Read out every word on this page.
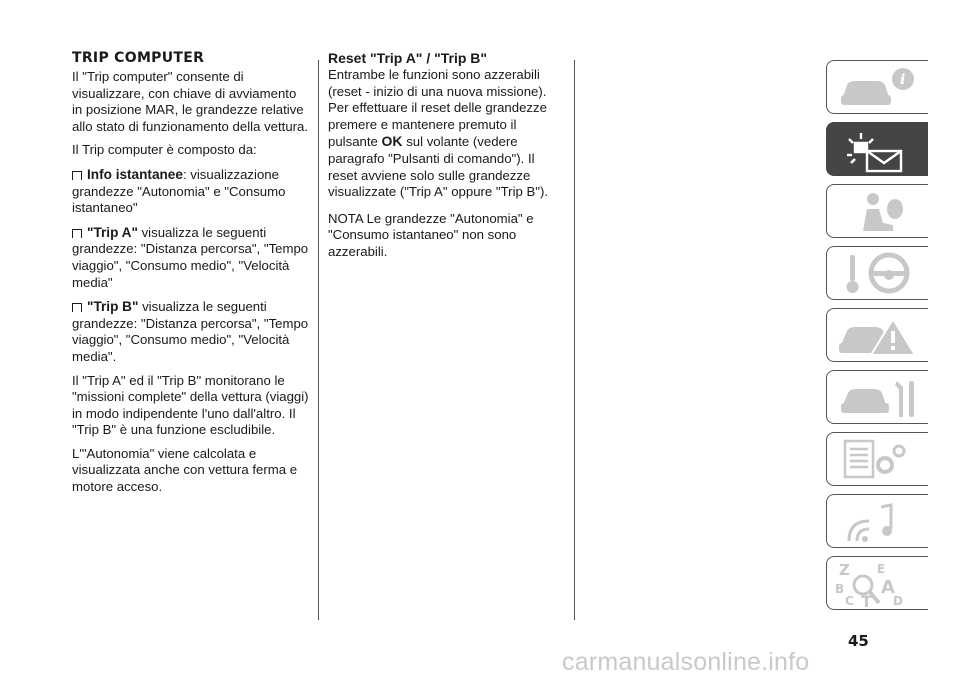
TRIP COMPUTER

Il "Trip computer" consente di visualizzare, con chiave di avviamento in posizione MAR, le grandezze relative allo stato di funzionamento della vettura.

Il Trip computer è composto da:

Info istantanee: visualizzazione grandezze "Autonomia" e "Consumo istantaneo"

"Trip A" visualizza le seguenti grandezze: "Distanza percorsa", "Tempo viaggio", "Consumo medio", "Velocità media"

"Trip B" visualizza le seguenti grandezze: "Distanza percorsa", "Tempo viaggio", "Consumo medio", "Velocità media".

Il "Trip A" ed il "Trip B" monitorano le "missioni complete" della vettura (viaggi) in modo indipendente l'uno dall'altro. Il "Trip B" è una funzione escludibile.

L'"Autonomia" viene calcolata e visualizzata anche con vettura ferma e motore acceso.

Reset "Trip A" / "Trip B"

Entrambe le funzioni sono azzerabili (reset - inizio di una nuova missione). Per effettuare il reset delle grandezze premere e mantenere premuto il pulsante OK sul volante (vedere paragrafo "Pulsanti di comando"). Il reset avviene solo sulle grandezze visualizzate ("Trip A" oppure "Trip B").

NOTA Le grandezze "Autonomia" e "Consumo istantaneo" non sono azzerabili.

i
Z E
B A
C T D
45
carmanualsonline.info
